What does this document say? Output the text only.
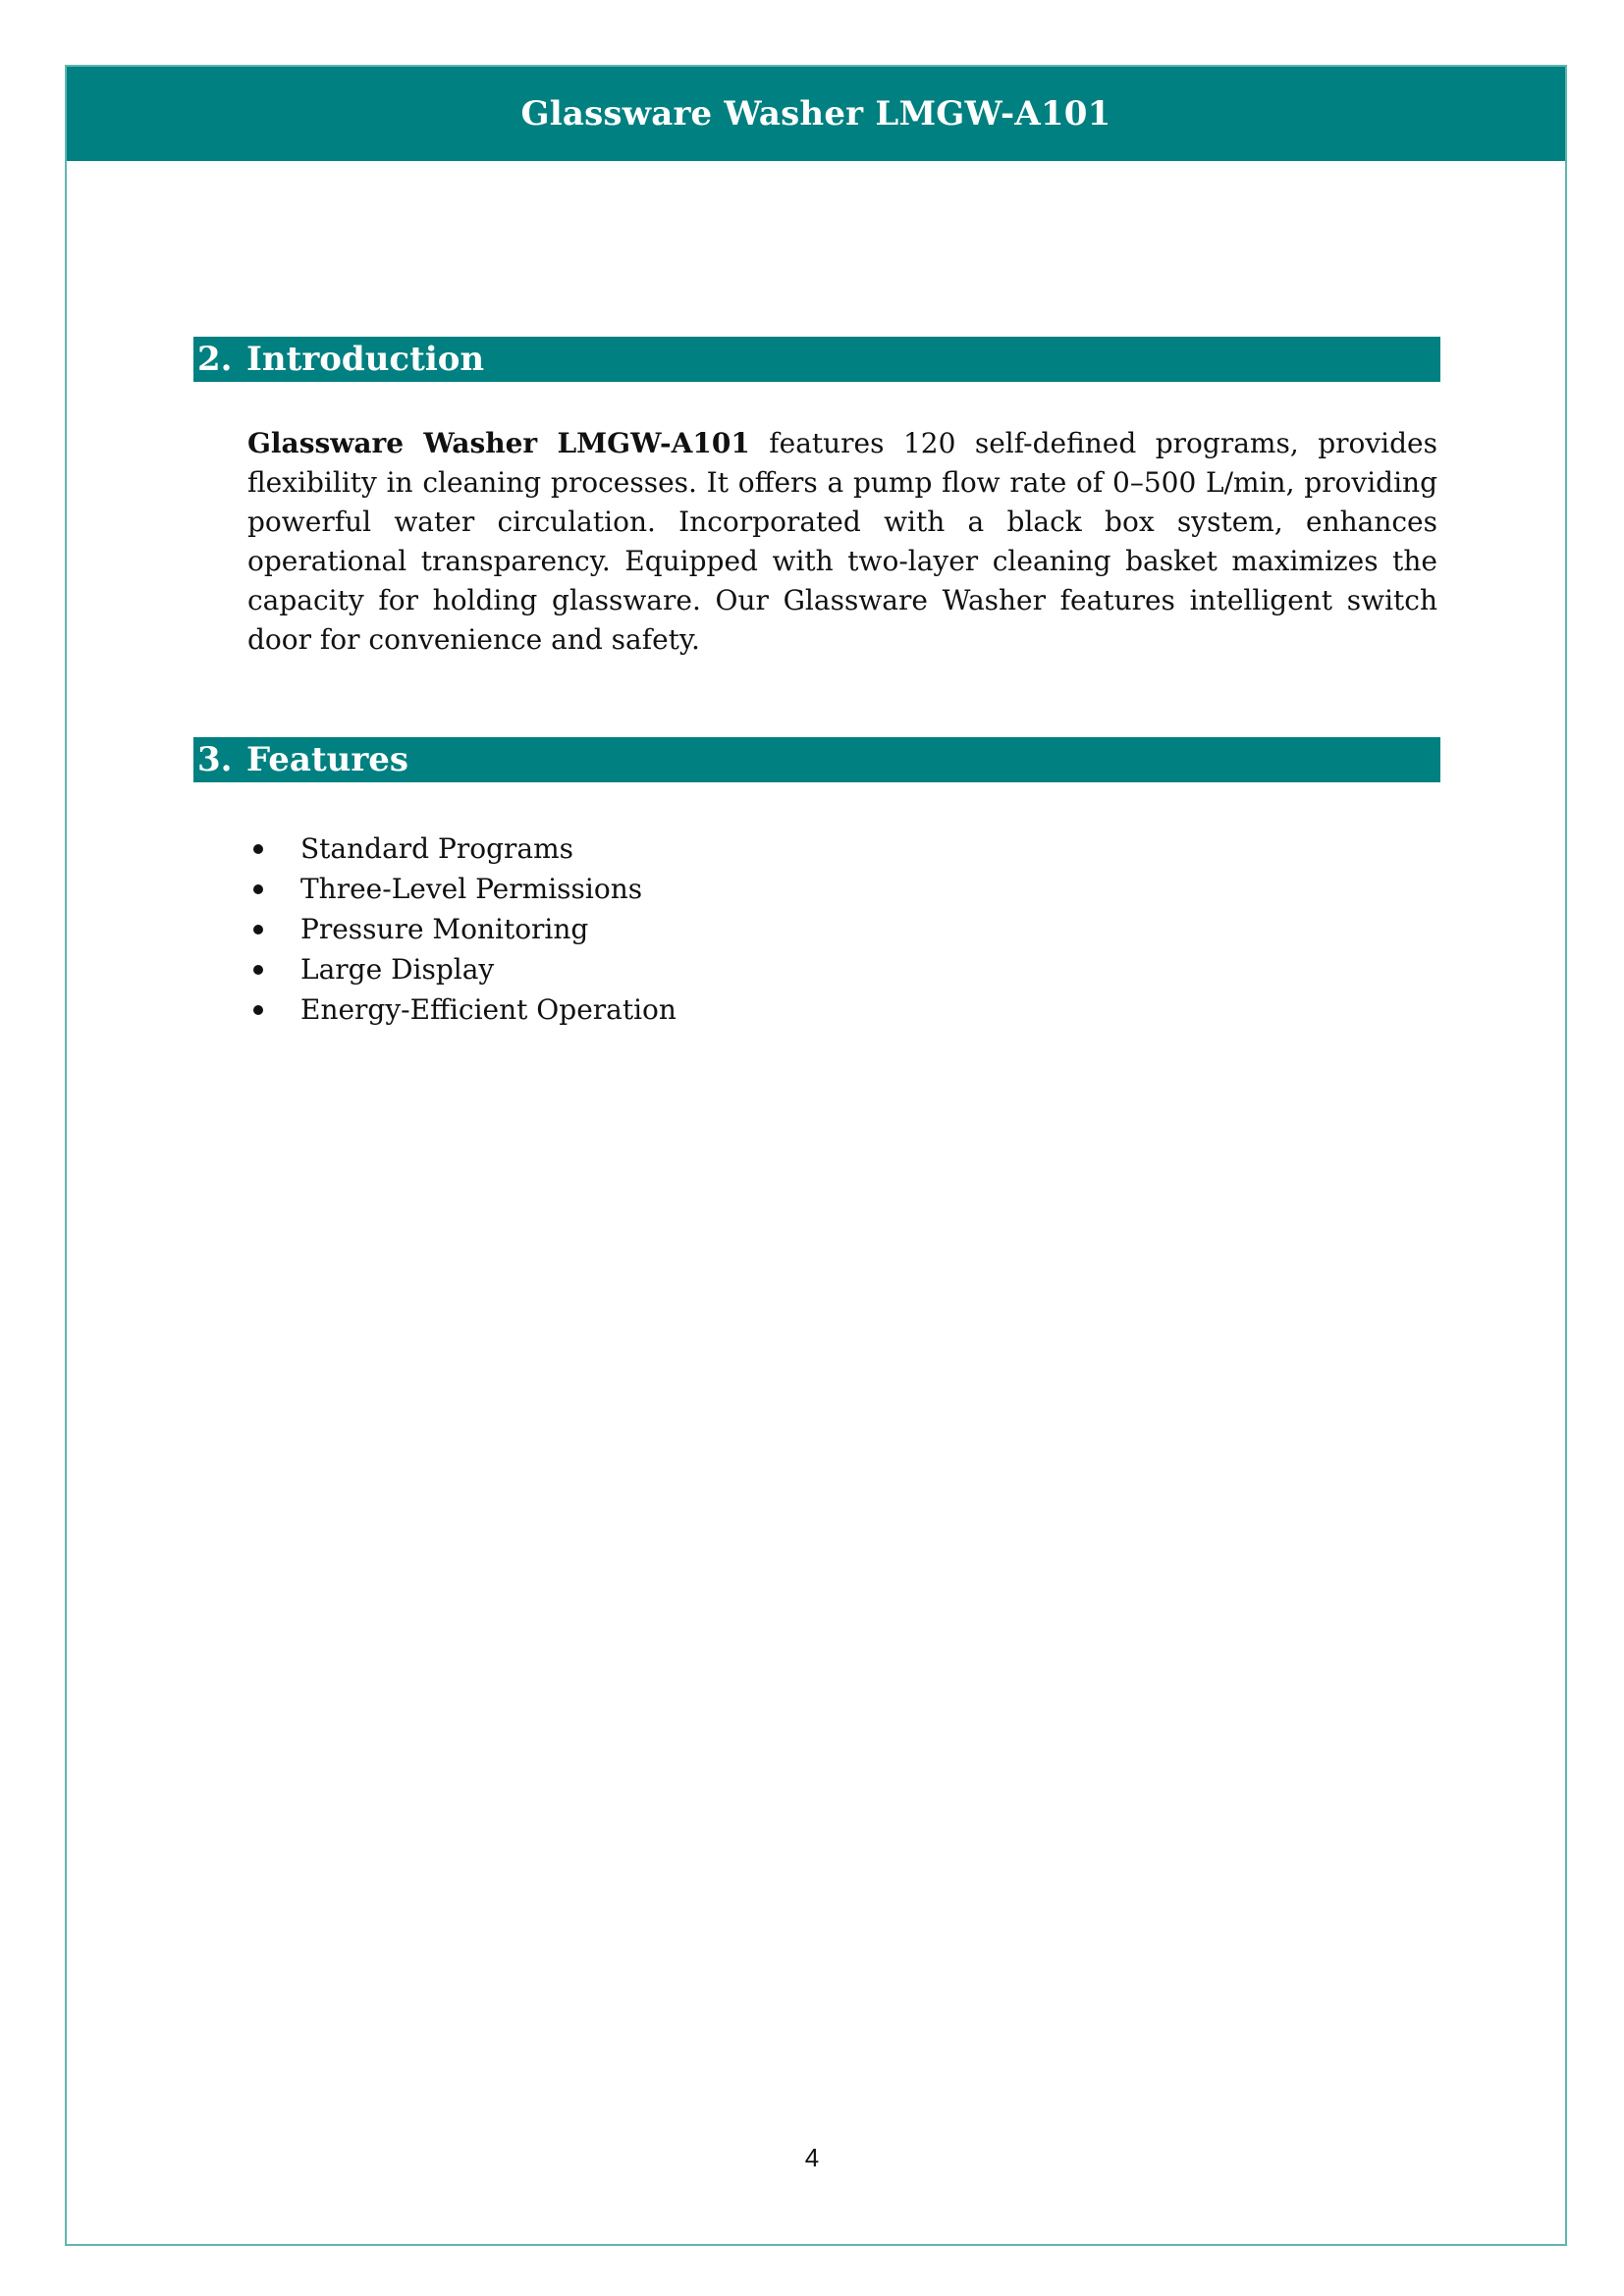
Glassware Washer LMGW-A101
2. Introduction

Glassware Washer LMGW-A101 features 120 self-defined programs, provides flexibility in cleaning processes. It offers a pump flow rate of 0–500 L/min, providing powerful water circulation. Incorporated with a black box system, enhances operational transparency. Equipped with two-layer cleaning basket maximizes the capacity for holding glassware. Our Glassware Washer features intelligent switch door for convenience and safety.

3. Features
Standard Programs
Three-Level Permissions
Pressure Monitoring
Large Display
Energy-Efficient Operation
4
